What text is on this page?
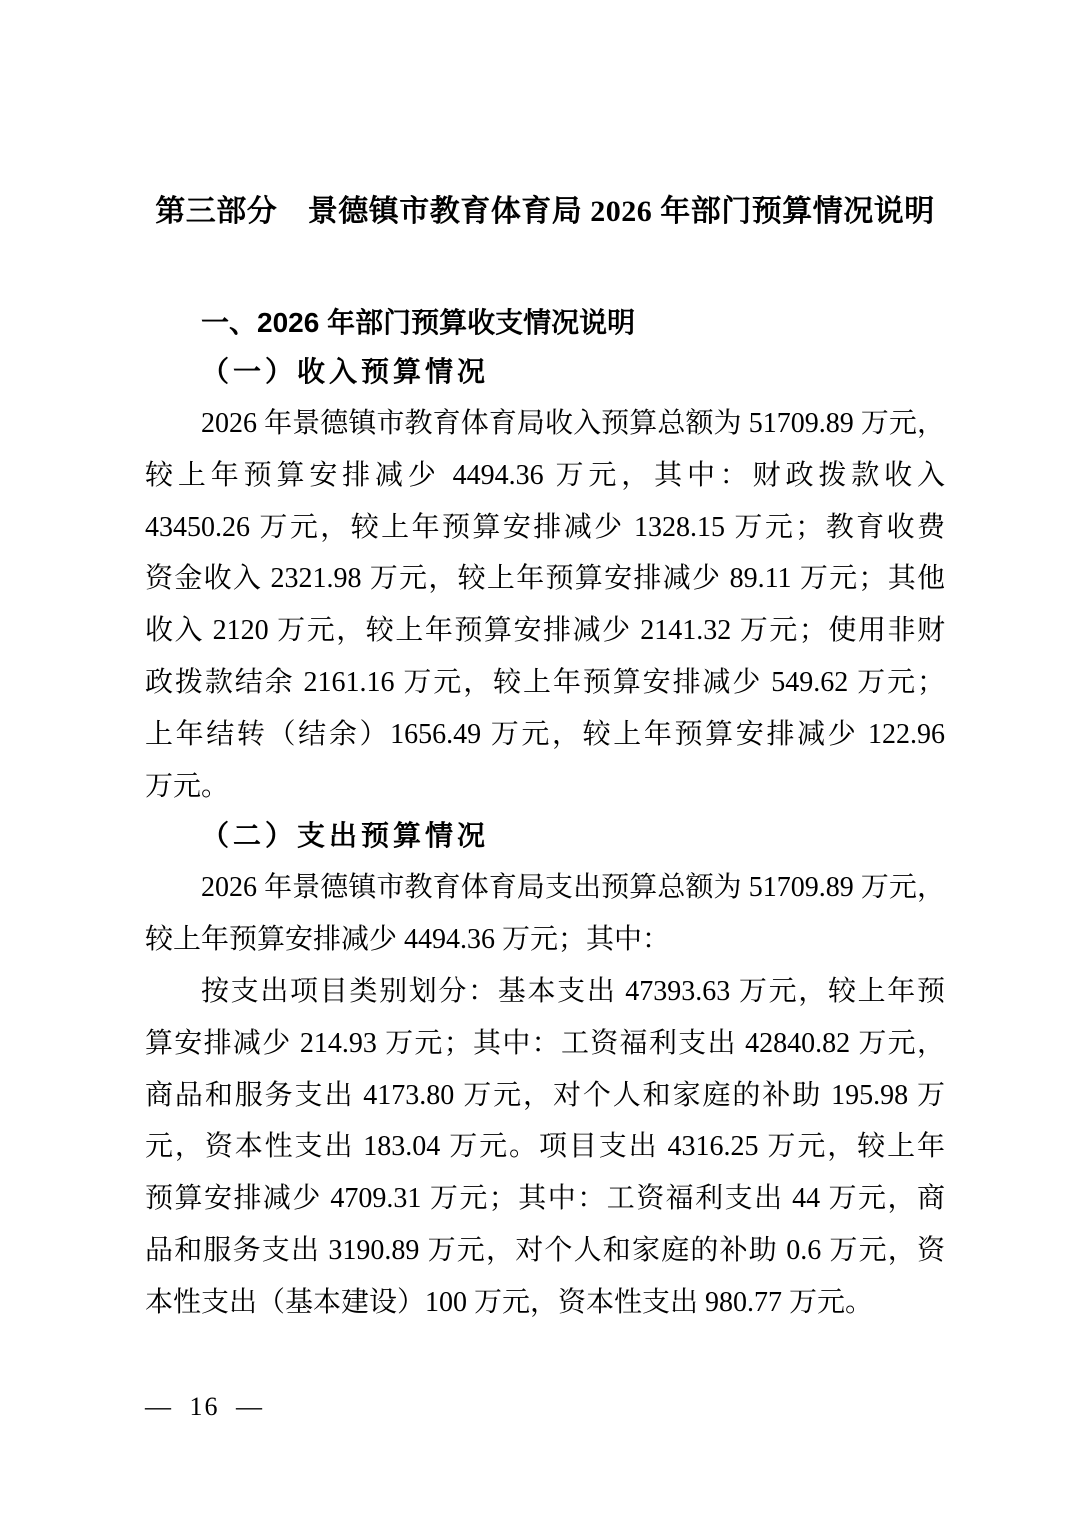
第三部分　景德镇市教育体育局 2026 年部门预算情况说明
一、2026 年部门预算收支情况说明
（一）收入预算情况
2026 年景德镇市教育体育局收入预算总额为 51709.89 万元，
较上年预算安排减少 4494.36 万元，其中：财政拨款收入
43450.26 万元，较上年预算安排减少 1328.15 万元；教育收费
资金收入 2321.98 万元，较上年预算安排减少 89.11 万元；其他
收入 2120 万元，较上年预算安排减少 2141.32 万元；使用非财
政拨款结余 2161.16 万元，较上年预算安排减少 549.62 万元；
上年结转（结余）1656.49 万元，较上年预算安排减少 122.96
万元。
（二）支出预算情况
2026 年景德镇市教育体育局支出预算总额为 51709.89 万元，
较上年预算安排减少 4494.36 万元；其中：
按支出项目类别划分：基本支出 47393.63 万元，较上年预
算安排减少 214.93 万元；其中：工资福利支出 42840.82 万元，
商品和服务支出 4173.80 万元，对个人和家庭的补助 195.98 万
元，资本性支出 183.04 万元。项目支出 4316.25 万元，较上年
预算安排减少 4709.31 万元；其中：工资福利支出 44 万元，商
品和服务支出 3190.89 万元，对个人和家庭的补助 0.6 万元，资
本性支出（基本建设）100 万元，资本性支出 980.77 万元。
— 16 —
